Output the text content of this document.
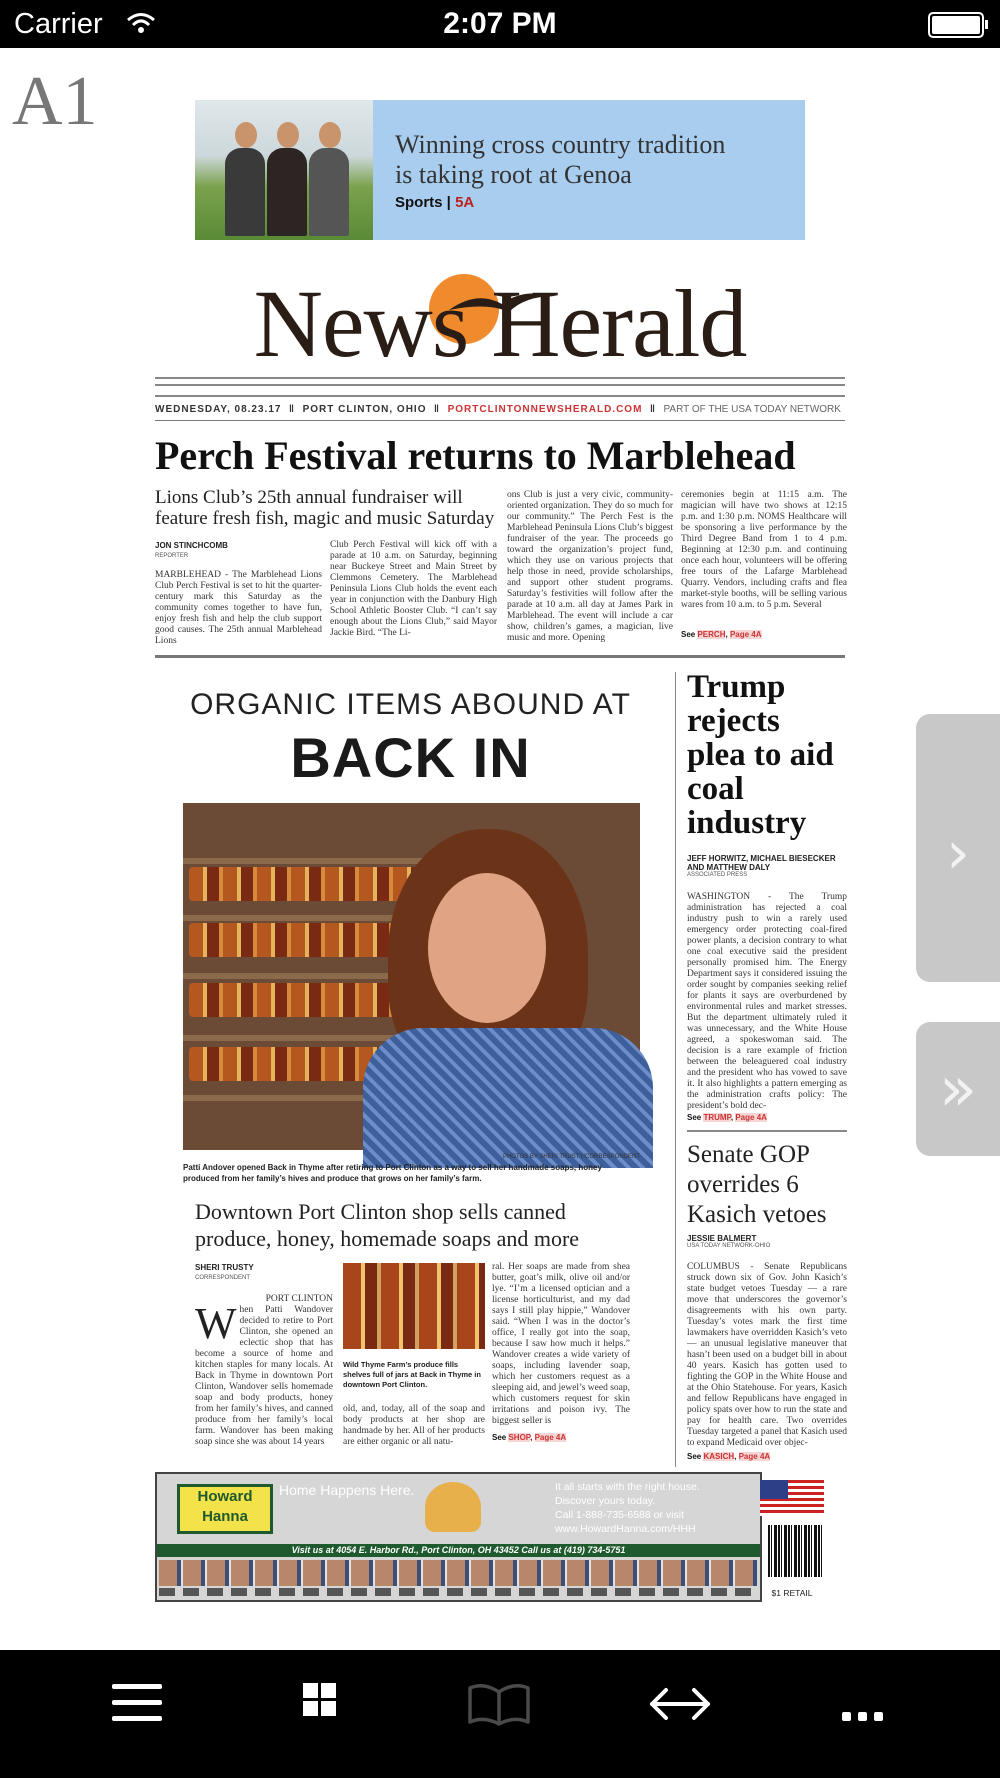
Carrier	2:07 PM
A1
Winning cross country tradition
is taking root at Genoa
Sports | 5A
News Herald
WEDNESDAY, 08.23.17  ‖  PORT CLINTON, OHIO  ‖  PORTCLINTONNEWSHERALD.COM  ‖  PART OF THE USA TODAY NETWORK
Perch Festival returns to Marblehead
Lions Club’s 25th annual fundraiser will feature fresh fish, magic and music Saturday
JON STINCHCOMB
REPORTER
MARBLEHEAD - The Marblehead Lions Club Perch Festival is set to hit the quarter-century mark this Saturday as the community comes together to have fun, enjoy fresh fish and help the club support good causes. The 25th annual Marblehead Lions
Club Perch Festival will kick off with a parade at 10 a.m. on Saturday, beginning near Buckeye Street and Main Street by Clemmons Cemetery. The Marblehead Peninsula Lions Club holds the event each year in conjunction with the Danbury High School Athletic Booster Club. “I can’t say enough about the Lions Club,” said Mayor Jackie Bird. “The Li-
ons Club is just a very civic, community-oriented organization. They do so much for our community.” The Perch Fest is the Marblehead Peninsula Lions Club’s biggest fundraiser of the year. The proceeds go toward the organization’s project fund, which they use on various projects that help those in need, provide scholarships, and support other student programs. Saturday’s festivities will follow after the parade at 10 a.m. all day at James Park in Marblehead. The event will include a car show, children’s games, a magician, live music and more. Opening
ceremonies begin at 11:15 a.m. The magician will have two shows at 12:15 p.m. and 1:30 p.m. NOMS Healthcare will be sponsoring a live performance by the Third Degree Band from 1 to 4 p.m. Beginning at 12:30 p.m. and continuing once each hour, volunteers will be offering free tours of the Lafarge Marblehead Quarry. Vendors, including crafts and flea market-style booths, will be selling various wares from 10 a.m. to 5 p.m. Several
See PERCH, Page 4A
ORGANIC ITEMS ABOUND AT
BACK IN
PHOTOS BY SHERI TRUSTY/CORRESPONDENT
Patti Andover opened Back in Thyme after retiring to Port Clinton as a way to sell her handmade soaps, honey produced from her family’s hives and produce that grows on her family’s farm.
Downtown Port Clinton shop sells canned produce, honey, homemade soaps and more
SHERI TRUSTY
CORRESPONDENT
PORT CLINTON
When Patti Wandover decided to retire to Port Clinton, she opened an eclectic shop that has become a source of home and kitchen staples for many locals. At Back in Thyme in downtown Port Clinton, Wandover sells homemade soap and body products, honey from her family’s hives, and canned produce from her family’s local farm. Wandover has been making soap since she was about 14 years
Wild Thyme Farm’s produce fills shelves full of jars at Back in Thyme in downtown Port Clinton.
old, and, today, all of the soap and body products at her shop are handmade by her. All of her products are either organic or all natu-
ral. Her soaps are made from shea butter, goat’s milk, olive oil and/or lye. “I’m a licensed optician and a license horticulturist, and my dad says I still play hippie,” Wandover said. “When I was in the doctor’s office, I really got into the soap, because I saw how much it helps.” Wandover creates a wide variety of soaps, including lavender soap, which her customers request as a sleeping aid, and jewel’s weed soap, which customers request for skin irritations and poison ivy. The biggest seller is
See SHOP, Page 4A
Trump rejects plea to aid coal industry
JEFF HORWITZ, MICHAEL BIESECKER AND MATTHEW DALY
ASSOCIATED PRESS
WASHINGTON - The Trump administration has rejected a coal industry push to win a rarely used emergency order protecting coal-fired power plants, a decision contrary to what one coal executive said the president personally promised him. The Energy Department says it considered issuing the order sought by companies seeking relief for plants it says are overburdened by environmental rules and market stresses. But the department ultimately ruled it was unnecessary, and the White House agreed, a spokeswoman said. The decision is a rare example of friction between the beleaguered coal industry and the president who has vowed to save it. It also highlights a pattern emerging as the administration crafts policy: The president’s bold dec-
See TRUMP, Page 4A
Senate GOP overrides 6 Kasich vetoes
JESSIE BALMERT
USA TODAY NETWORK-OHIO
COLUMBUS - Senate Republicans struck down six of Gov. John Kasich’s state budget vetoes Tuesday — a rare move that underscores the governor’s disagreements with his own party. Tuesday’s votes mark the first time lawmakers have overridden Kasich’s veto — an unusual legislative maneuver that hasn’t been used on a budget bill in about 40 years. Kasich has gotten used to fighting the GOP in the White House and at the Ohio Statehouse. For years, Kasich and fellow Republicans have engaged in policy spats over how to run the state and pay for health care. Two overrides Tuesday targeted a panel that Kasich used to expand Medicaid over objec-
See KASICH, Page 4A
Howard
Hanna
Home Happens Here.	It all starts with the right house.
Discover yours today.
Call 1-888-735-6588 or visit
www.HowardHanna.com/HHH
Visit us at 4054 E. Harbor Rd., Port Clinton, OH 43452 Call us at (419) 734-5751
$1 RETAIL
›
»
